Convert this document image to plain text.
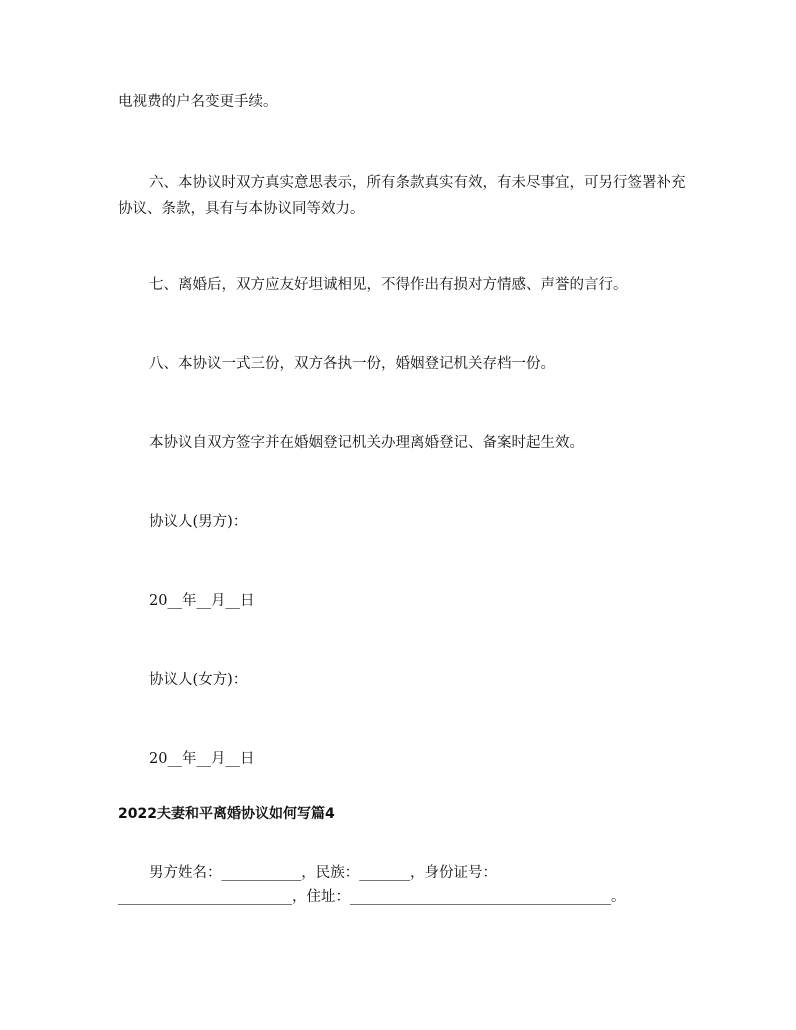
电视费的户名变更手续。

六、本协议时双方真实意思表示，所有条款真实有效，有未尽事宜，可另行签署补充协议、条款，具有与本协议同等效力。

七、离婚后，双方应友好坦诚相见，不得作出有损对方情感、声誉的言行。

八、本协议一式三份，双方各执一份，婚姻登记机关存档一份。

本协议自双方签字并在婚姻登记机关办理离婚登记、备案时起生效。

协议人(男方)：

20__年__月__日

协议人(女方)：

20__年__月__日

2022夫妻和平离婚协议如何写篇4

男方姓名：___________，民族：_______，身份证号：

________________________，住址：____________________________________。
